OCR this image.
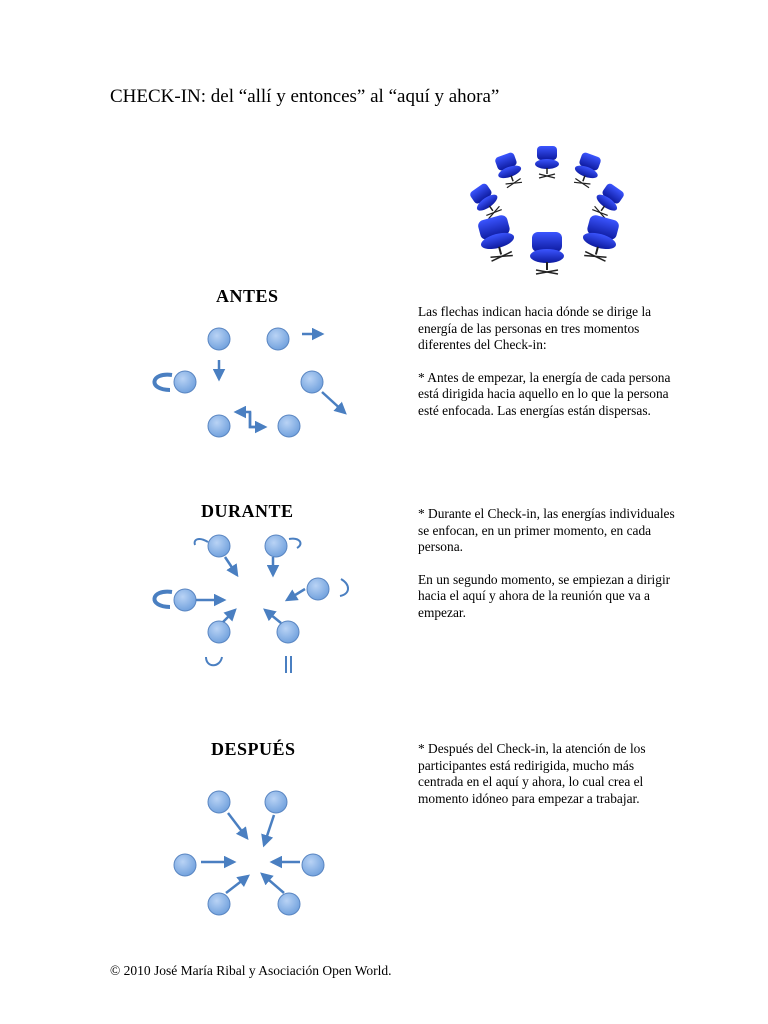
CHECK-IN: del “allí y entonces” al “aquí y ahora”
ANTES

Las flechas indican hacia dónde se dirige la energía de las personas en tres momentos diferentes del Check-in:

* Antes de empezar, la energía de cada persona está dirigida hacia aquello en lo que la persona esté enfocada. Las energías están dispersas.

DURANTE	* Durante el Check-in, las energías individuales se enfocan, en un primer momento, en cada persona.

En un segundo momento, se empiezan a dirigir hacia el aquí y ahora de la reunión que va a empezar.

DESPUÉS	* Después del Check-in, la atención de los participantes está redirigida, mucho más centrada en el aquí y ahora, lo cual crea el momento idóneo para empezar a trabajar.

© 2010 José María Ribal y Asociación Open World.
